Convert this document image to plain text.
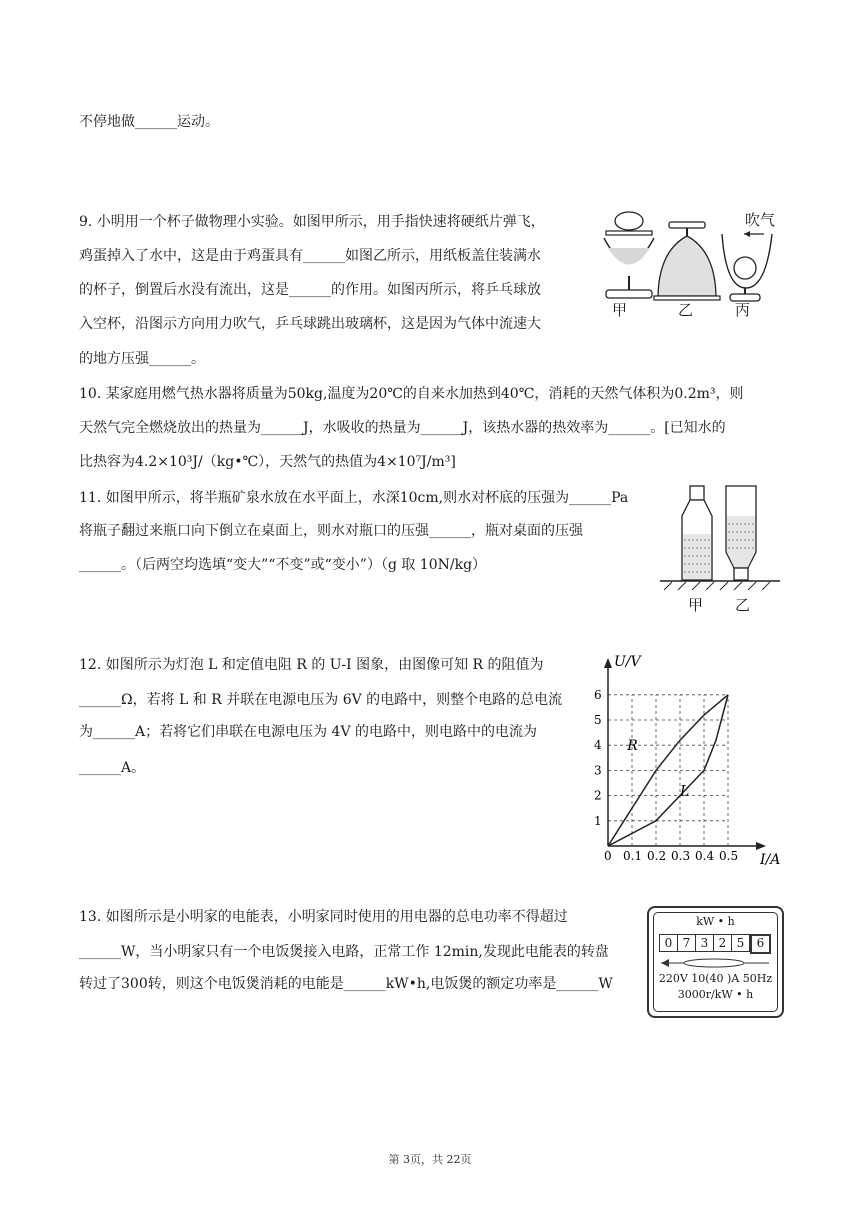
不停地做______运动。
9. 小明用一个杯子做物理小实验。如图甲所示，用手指快速将硬纸片弹飞，
鸡蛋掉入了水中，这是由于鸡蛋具有______如图乙所示，用纸板盖住装满水
的杯子，倒置后水没有流出，这是______的作用。如图丙所示，将乒乓球放
入空杯，沿图示方向用力吹气，乒乓球跳出玻璃杯，这是因为气体中流速大
的地方压强______。
吹气
甲	乙	丙
10. 某家庭用燃气热水器将质量为50kg,温度为20℃的自来水加热到40℃，消耗的天然气体积为0.2m³，则
天然气完全燃烧放出的热量为______J，水吸收的热量为______J，该热水器的热效率为______。[已知水的
比热容为4.2×10³J/（kg•℃），天然气的热值为4×10⁷J/m³]
11. 如图甲所示，将半瓶矿泉水放在水平面上，水深10cm,则水对杯底的压强为______Pa
将瓶子翻过来瓶口向下倒立在桌面上，则水对瓶口的压强______，瓶对桌面的压强
______。（后两空均选填“变大”“不变”或“变小”）（g 取 10N/kg）
甲 乙
12. 如图所示为灯泡 L 和定值电阻 R 的 U-I 图象，由图像可知 R 的阻值为
______Ω，若将 L 和 R 并联在电源电压为 6V 的电路中，则整个电路的总电流
为______A；若将它们串联在电源电压为 4V 的电路中，则电路中的电流为
______A。
U/V
I/A
0 0.1 0.2 0.3 0.4 0.5
1
2
3
4
5
6
R
L
13. 如图所示是小明家的电能表，小明家同时使用的用电器的总电功率不得超过
______W，当小明家只有一个电饭煲接入电路，正常工作 12min,发现此电能表的转盘
转过了300转，则这个电饭煲消耗的电能是______kW•h,电饭煲的额定功率是______W
kW • h
0 7 3 2 5	6
220V 10(40 )A 50Hz
3000r/kW • h
第 3页，共 22页
